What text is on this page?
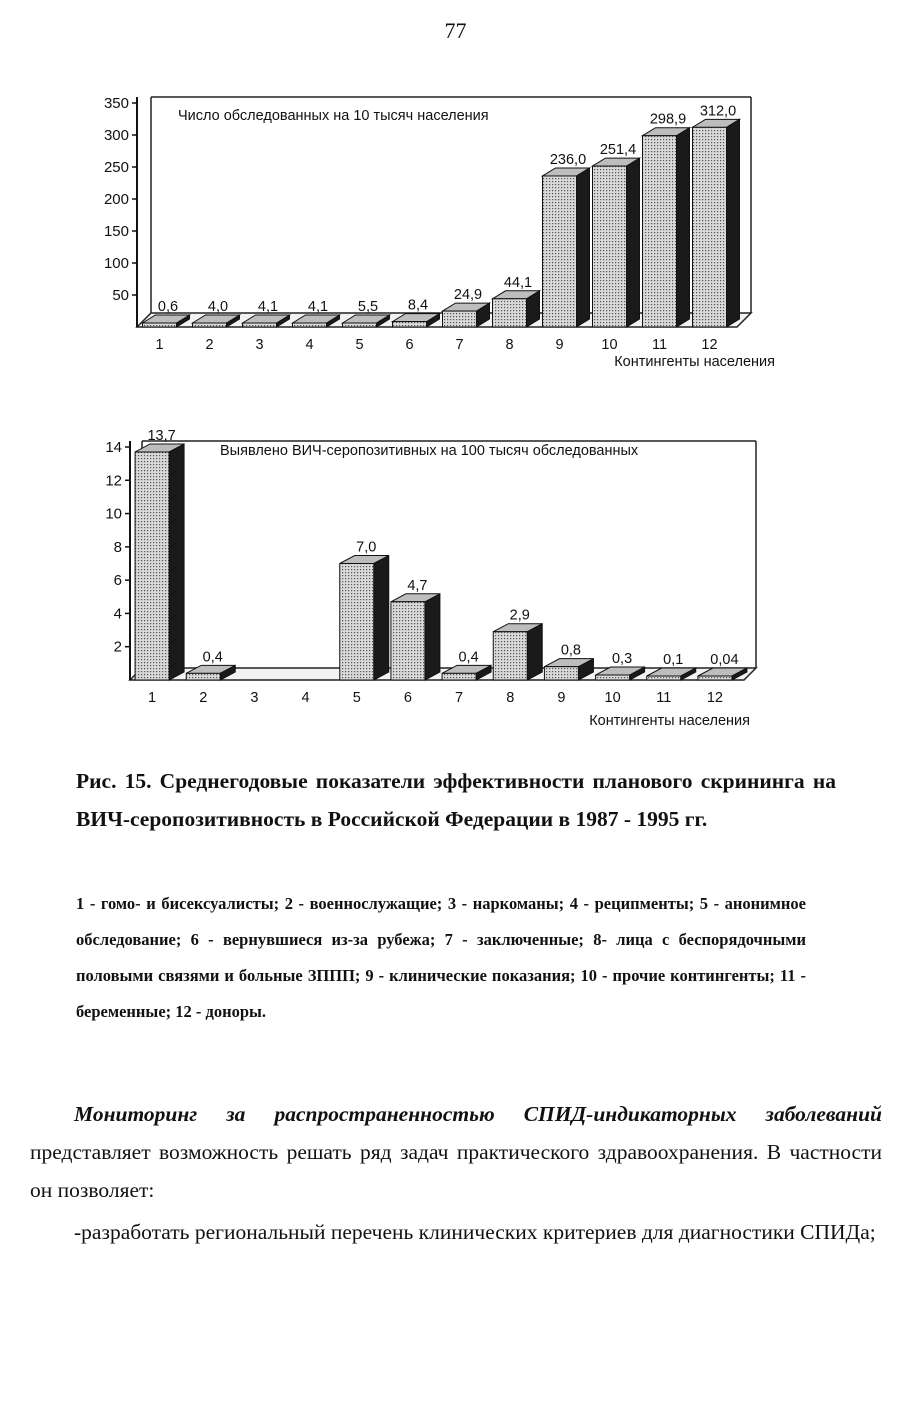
77
350
300
250
200
150
100
50
Число обследованных на 10 тысяч населения
0,6
1
4,0
2
4,1
3
4,1
4
5,5
5
8,4
6
24,9
7
44,1
8
236,0
9
251,4
10
298,9
11
312,0
12
Контингенты населения
14
12
10
8
6
4
2
Выявлено ВИЧ-серопозитивных на 100 тысяч обследованных
13,7
1
0,4
2	3	4
7,0
5
4,7
6
0,4
7
2,9
8
0,8
9
0,3
10
0,1
11
0,04
12
Контингенты населения
Рис. 15. Среднегодовые показатели эффективности планового скрининга на ВИЧ-серопозитивность в Российской Федерации в 1987 - 1995 гг.
1 - гомо- и бисексуалисты; 2 - военнослужащие; 3 - наркоманы; 4 - реципменты; 5 - анонимное обследование; 6 - вернувшиеся из-за рубежа; 7 - заключенные; 8- лица с беспорядочными половыми связями и больные ЗППП; 9 - клинические показания; 10 - прочие контингенты; 11 - беременные; 12 - доноры.
Мониторинг за распространенностью СПИД-индикаторных заболеваний представляет возможность решать ряд задач практического здравоохранения. В частности он позволяет:
-разработать региональный перечень клинических критериев для диагностики СПИДа;
